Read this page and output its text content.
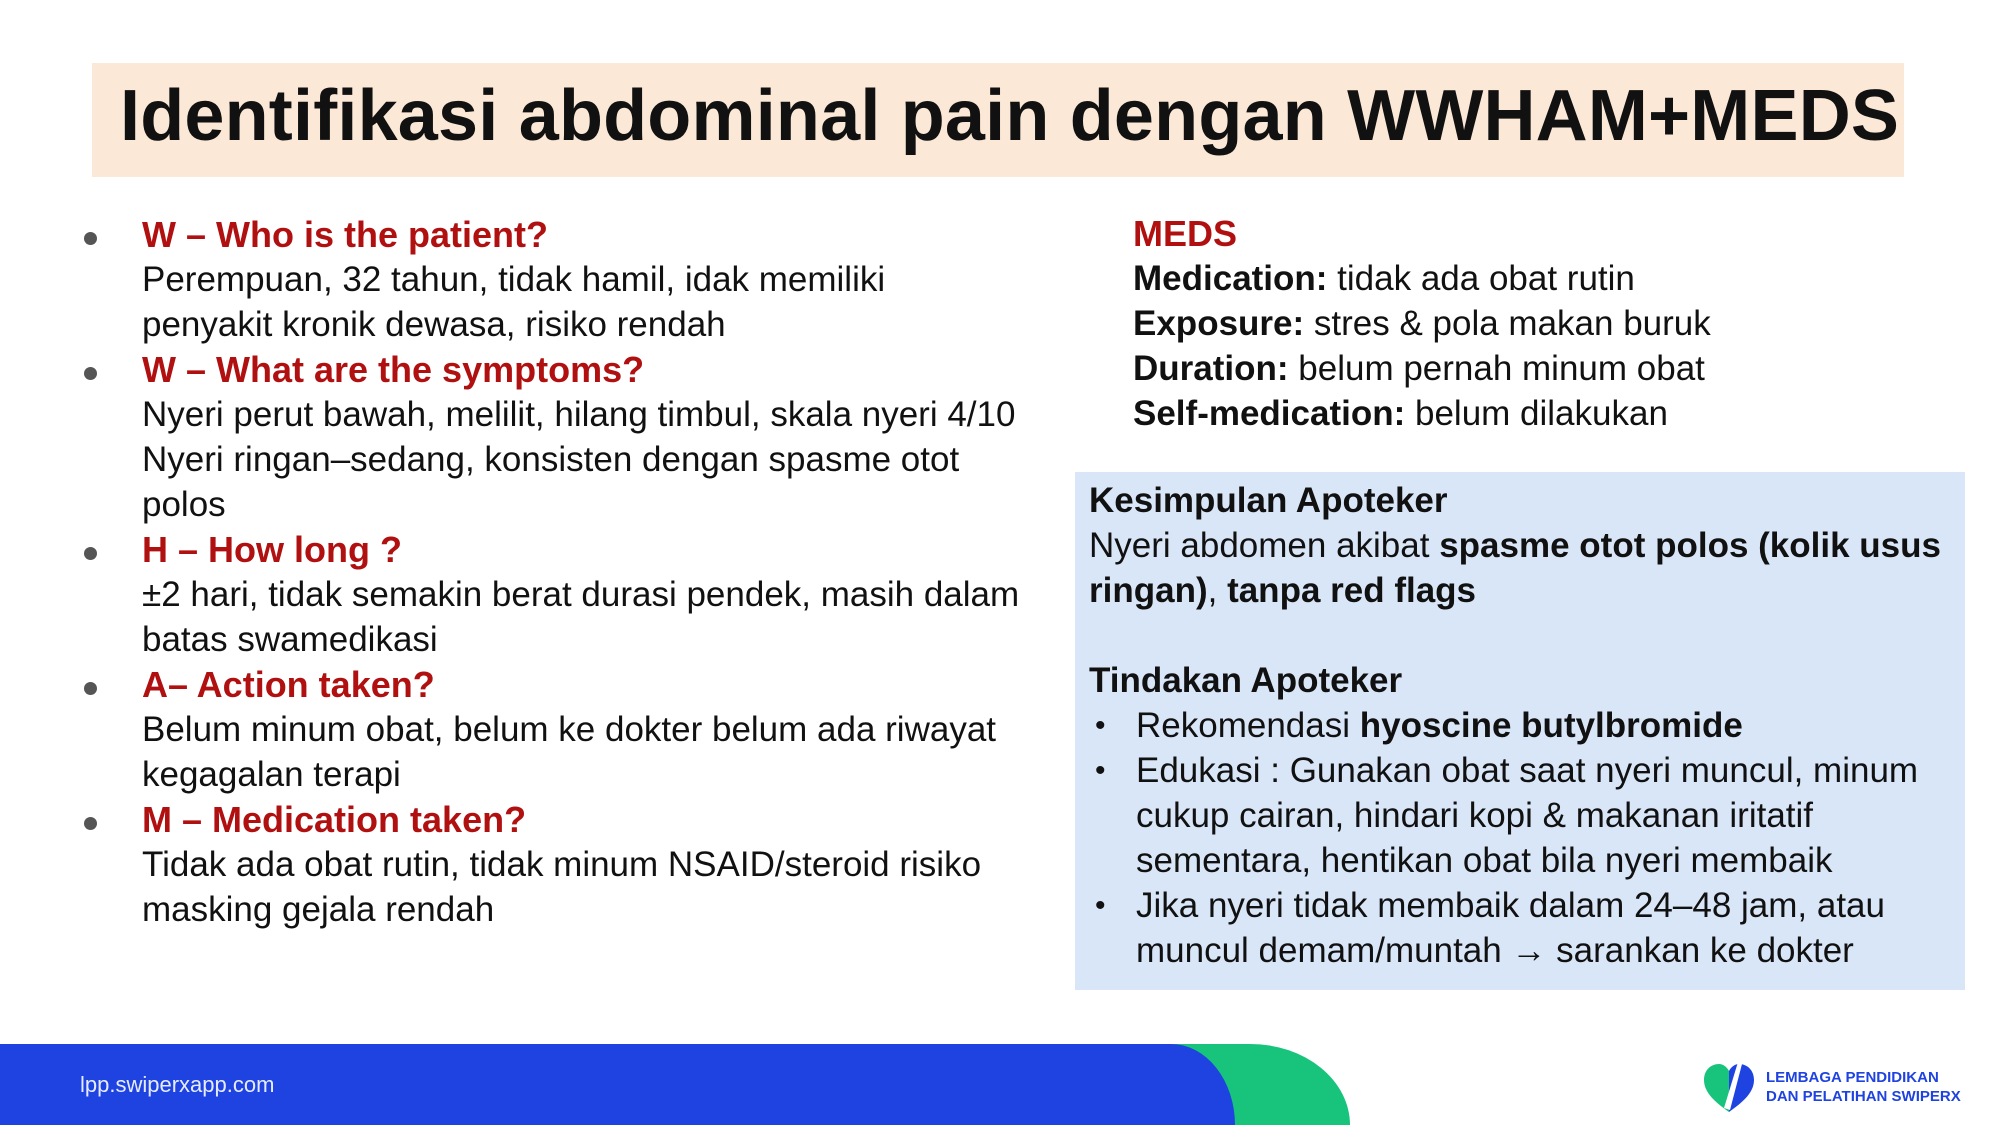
Identifikasi abdominal pain dengan WWHAM+MEDS
W – Who is the patient?
Perempuan, 32 tahun, tidak hamil, idak memiliki penyakit kronik dewasa, risiko rendah
W – What are the symptoms?
Nyeri perut bawah, melilit, hilang timbul, skala nyeri 4/10 Nyeri ringan–sedang, konsisten dengan spasme otot polos
H – How long ?
±2 hari, tidak semakin berat durasi pendek, masih dalam batas swamedikasi
A– Action taken?
Belum minum obat, belum ke dokter belum ada riwayat kegagalan terapi
M – Medication taken?
Tidak ada obat rutin, tidak minum NSAID/steroid risiko masking gejala rendah
MEDS
Medication: tidak ada obat rutin
Exposure: stres & pola makan buruk
Duration: belum pernah minum obat
Self-medication: belum dilakukan
Kesimpulan Apoteker
Nyeri abdomen akibat spasme otot polos (kolik usus ringan), tanpa red flags
Tindakan Apoteker
• Rekomendasi hyoscine butylbromide
• Edukasi : Gunakan obat saat nyeri muncul, minum cukup cairan, hindari kopi & makanan iritatif sementara, hentikan obat bila nyeri membaik
• Jika nyeri tidak membaik dalam 24–48 jam, atau muncul demam/muntah → sarankan ke dokter
lpp.swiperxapp.com	LEMBAGA PENDIDIKAN
DAN PELATIHAN SWIPERX
